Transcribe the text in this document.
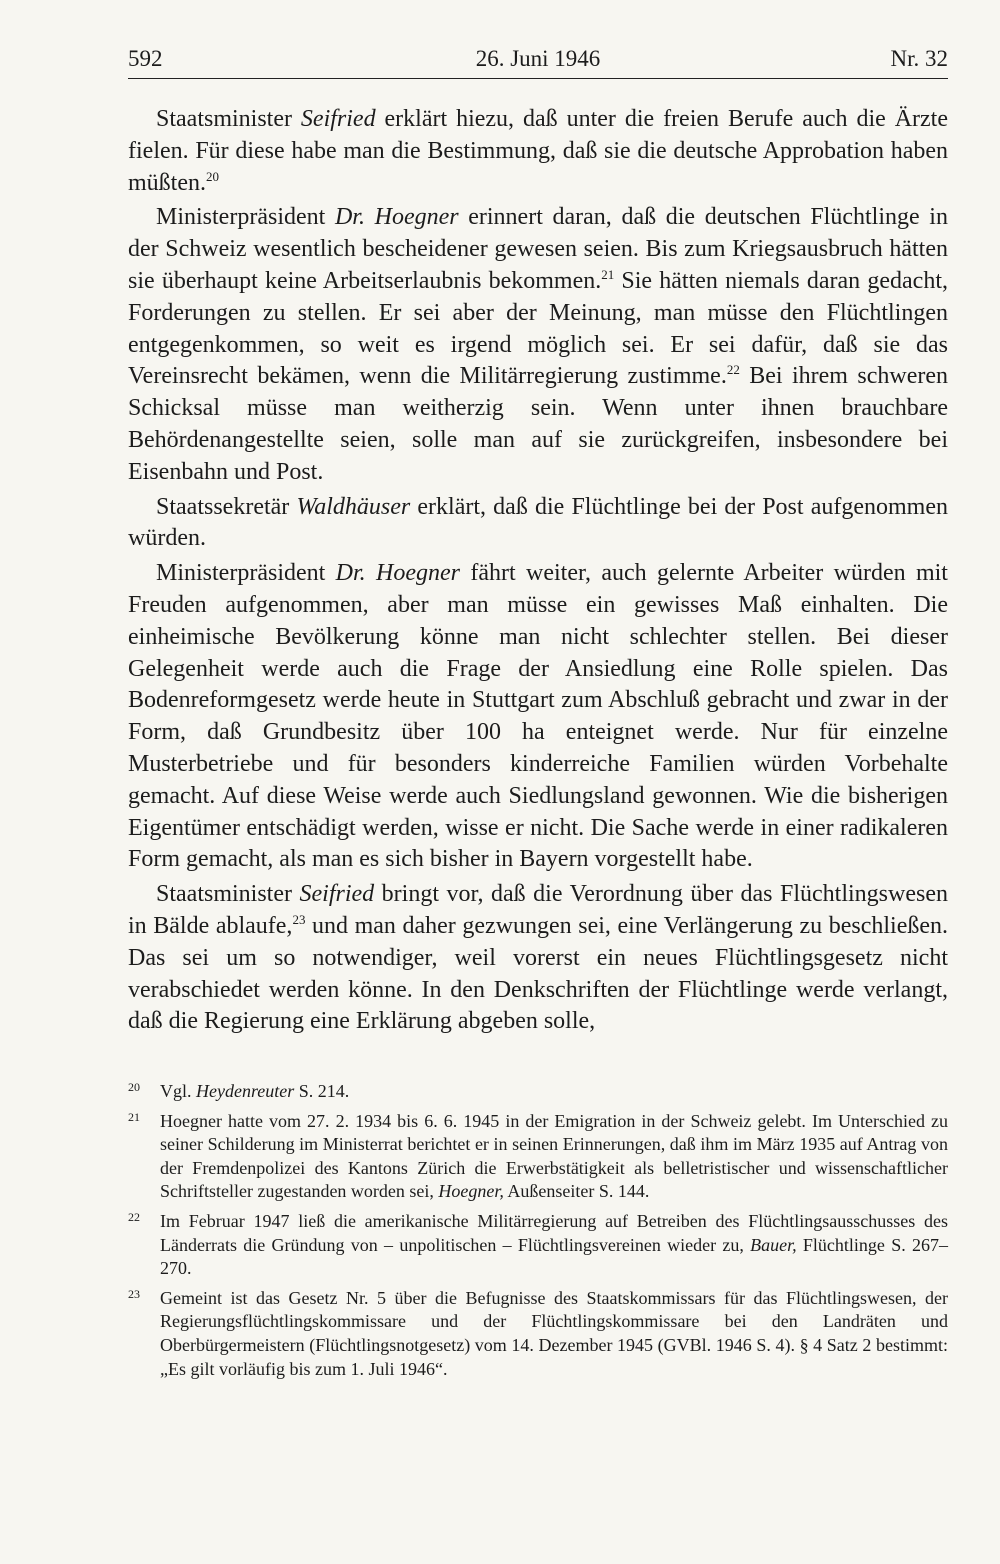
592	26. Juni 1946	Nr. 32

Staatsminister Seifried erklärt hiezu, daß unter die freien Berufe auch die Ärzte fielen. Für diese habe man die Bestimmung, daß sie die deutsche Approbation haben müßten.$^{20}$

Ministerpräsident Dr. Hoegner erinnert daran, daß die deutschen Flüchtlinge in der Schweiz wesentlich bescheidener gewesen seien. Bis zum Kriegsausbruch hätten sie überhaupt keine Arbeitserlaubnis bekommen.$^{21}$ Sie hätten niemals daran gedacht, Forderungen zu stellen. Er sei aber der Meinung, man müsse den Flüchtlingen entgegenkommen, so weit es irgend möglich sei. Er sei dafür, daß sie das Vereinsrecht bekämen, wenn die Militärregierung zustimme.$^{22}$ Bei ihrem schweren Schicksal müsse man weitherzig sein. Wenn unter ihnen brauchbare Behördenangestellte seien, solle man auf sie zurückgreifen, insbesondere bei Eisenbahn und Post.

Staatssekretär Waldhäuser erklärt, daß die Flüchtlinge bei der Post aufgenommen würden.

Ministerpräsident Dr. Hoegner fährt weiter, auch gelernte Arbeiter würden mit Freuden aufgenommen, aber man müsse ein gewisses Maß einhalten. Die einheimische Bevölkerung könne man nicht schlechter stellen. Bei dieser Gelegenheit werde auch die Frage der Ansiedlung eine Rolle spielen. Das Bodenreformgesetz werde heute in Stuttgart zum Abschluß gebracht und zwar in der Form, daß Grundbesitz über 100 ha enteignet werde. Nur für einzelne Musterbetriebe und für besonders kinderreiche Familien würden Vorbehalte gemacht. Auf diese Weise werde auch Siedlungsland gewonnen. Wie die bisherigen Eigentümer entschädigt werden, wisse er nicht. Die Sache werde in einer radikaleren Form gemacht, als man es sich bisher in Bayern vorgestellt habe.

Staatsminister Seifried bringt vor, daß die Verordnung über das Flüchtlingswesen in Bälde ablaufe,$^{23}$ und man daher gezwungen sei, eine Verlängerung zu beschließen. Das sei um so notwendiger, weil vorerst ein neues Flüchtlingsgesetz nicht verabschiedet werden könne. In den Denkschriften der Flüchtlinge werde verlangt, daß die Regierung eine Erklärung abgeben solle,

20 Vgl. Heydenreuter S. 214.
21 Hoegner hatte vom 27. 2. 1934 bis 6. 6. 1945 in der Emigration in der Schweiz gelebt. Im Unterschied zu seiner Schilderung im Ministerrat berichtet er in seinen Erinnerungen, daß ihm im März 1935 auf Antrag von der Fremdenpolizei des Kantons Zürich die Erwerbstätigkeit als belletristischer und wissenschaftlicher Schriftsteller zugestanden worden sei, Hoegner, Außenseiter S. 144.
22 Im Februar 1947 ließ die amerikanische Militärregierung auf Betreiben des Flüchtlingsausschusses des Länderrats die Gründung von – unpolitischen – Flüchtlingsvereinen wieder zu, Bauer, Flüchtlinge S. 267–270.
23 Gemeint ist das Gesetz Nr. 5 über die Befugnisse des Staatskommissars für das Flüchtlingswesen, der Regierungsflüchtlingskommissare und der Flüchtlingskommissare bei den Landräten und Oberbürgermeistern (Flüchtlingsnotgesetz) vom 14. Dezember 1945 (GVBl. 1946 S. 4). § 4 Satz 2 bestimmt: „Es gilt vorläufig bis zum 1. Juli 1946“.
